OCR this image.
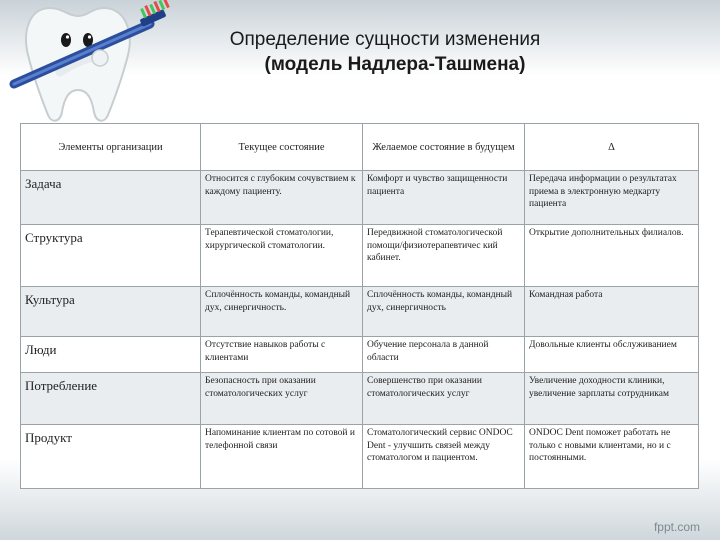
Определение сущности изменения
(модель Надлера-Ташмена)
Элементы организации	Текущее состояние	Желаемое состояние в будущем	Δ
Задача	Относится с глубоким сочувствием к каждому пациенту.	Комфорт и чувство защищенности пациента	Передача информации о результатах приема в электронную медкарту пациента
Структура	Терапевтической стоматологии, хирургической стоматологии.	Передвижной стоматологической помощи/физиотерапевтичес кий кабинет.	Открытие дополнительных филиалов.
Культура	Сплочённость команды, командный дух, синергичность.	Сплочённость команды, командный дух, синергичность	Командная работа
Люди	Отсутствие навыков работы с клиентами	Обучение персонала в данной области	Довольные клиенты обслуживанием
Потребление	Безопасность при оказании стоматологических услуг	Совершенство при оказании стоматологических услуг	Увеличение доходности клиники, увеличение зарплаты сотрудникам
Продукт	Напоминание клиентам по сотовой и телефонной связи	Стоматологический сервис ONDOC Dent - улучшить связей между стоматологом и пациентом.	ONDOC Dent поможет работать не только с новыми клиентами, но и с постоянными.
fppt.com
